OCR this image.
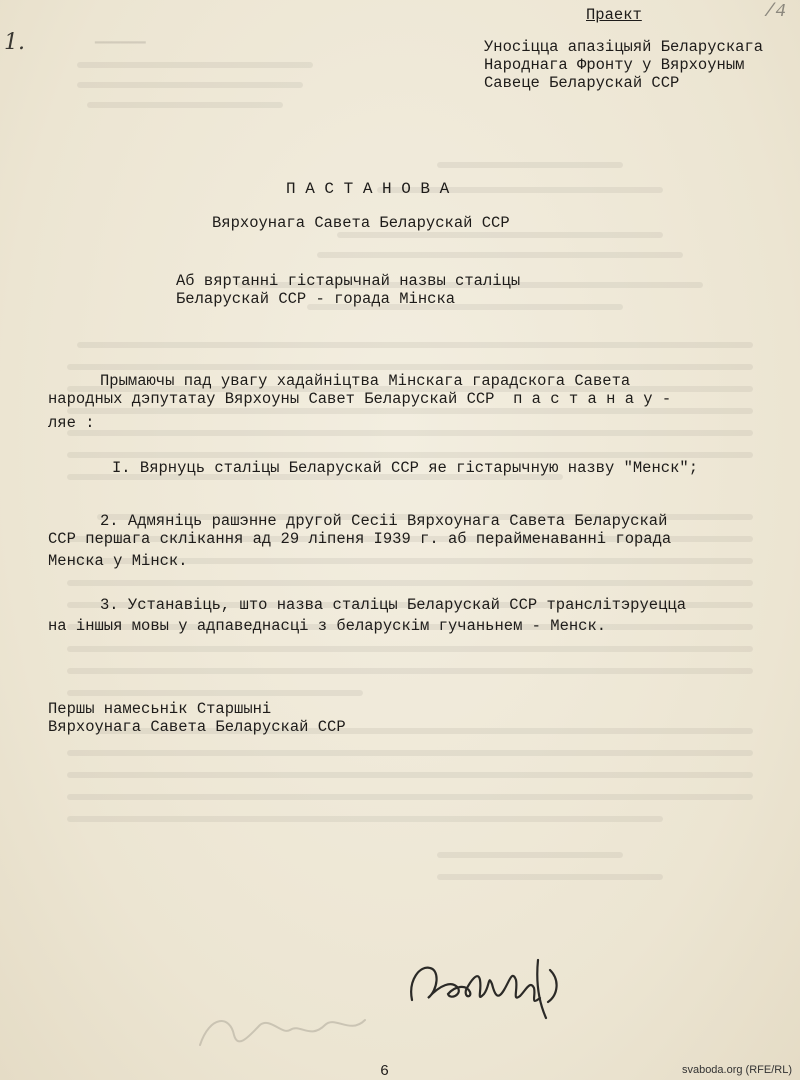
▁▁▁▁▁▁
1.
/4
Праект
Уносіцца апазіцыяй Беларускага
Народнага Фронту у Вярхоуным
Савеце Беларускай ССР
П А С Т А Н О В А
Вярхоунага Савета Беларускай ССР
Аб вяртанні гістарычнай назвы сталіцы
Беларускай ССР - горада Мінска
Прымаючы пад увагу хадайніцтва Мінскага гарадскога Савета
народных дэпутатау Вярхоуны Савет Беларускай ССР  п а с т а н а у -
ляе :
I. Вярнуць сталіцы Беларускай ССР яе гістарычную назву "Менск";
2. Адмяніць рашэнне другой Сесіі Вярхоунага Савета Беларускай
ССР першага склікання ад 29 ліпеня I939 г. аб перайменаванні горада
Менска у Мінск.
3. Устанавіць, што назва сталіцы Беларускай ССР транслітэруецца
на іншыя мовы у адпаведнасці з беларускім гучаньнем - Менск.
Першы намесьнік Старшыні
Вярхоунага Савета Беларускай ССР
6	svaboda.org (RFE/RL)
